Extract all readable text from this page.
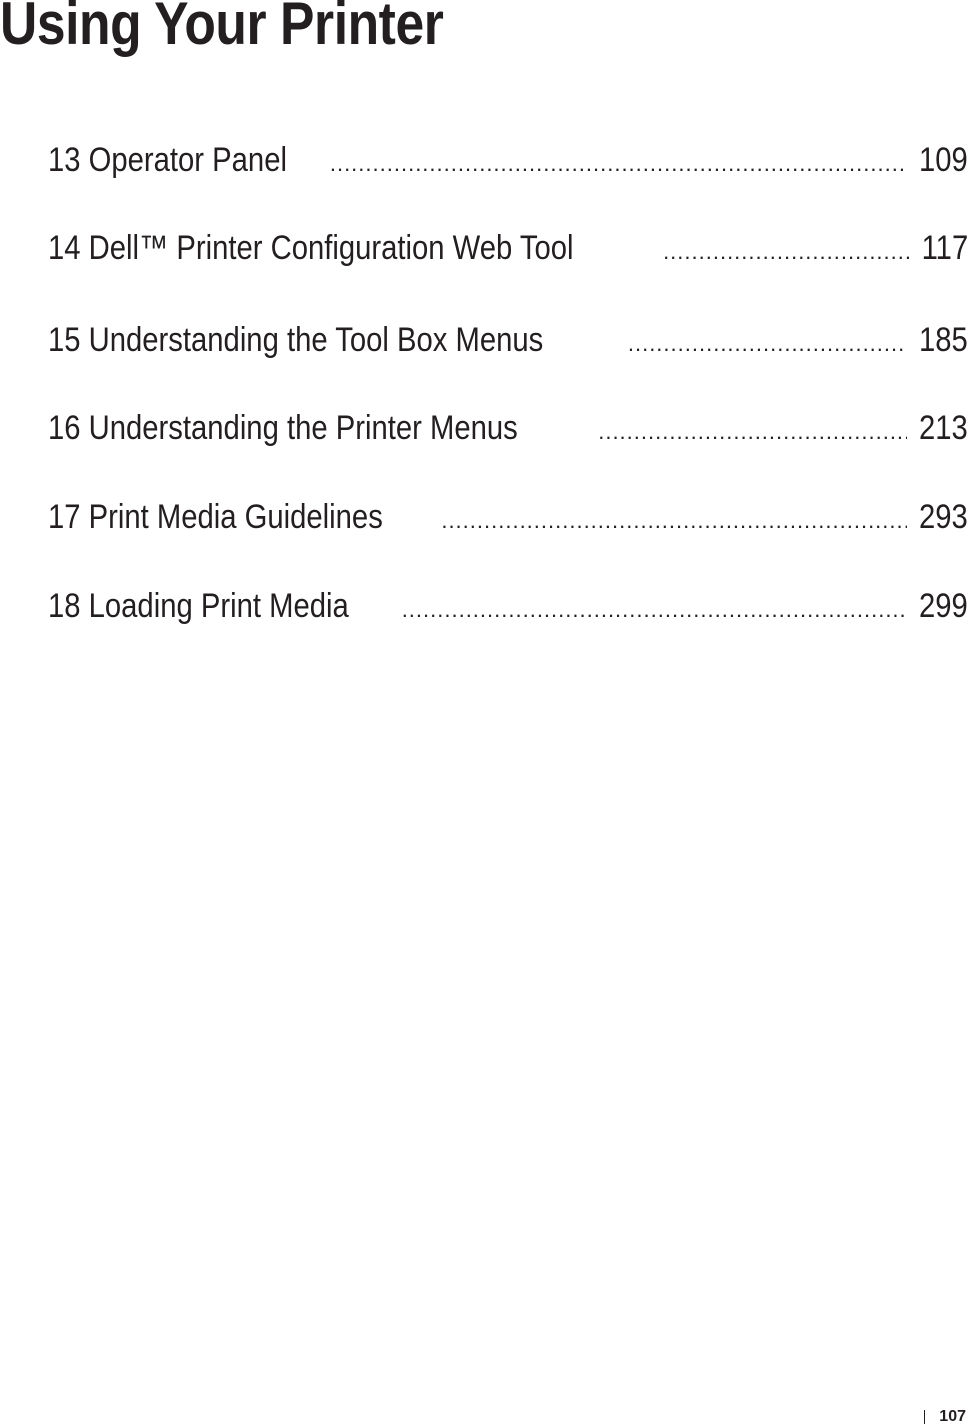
Using Your Printer
13 Operator Panel .....	109
14 Dell™ Printer Configuration Web Tool .....	117
15 Understanding the Tool Box Menus .....	185
16 Understanding the Printer Menus .....	213
17 Print Media Guidelines .....	293
18 Loading Print Media .....	299
107
